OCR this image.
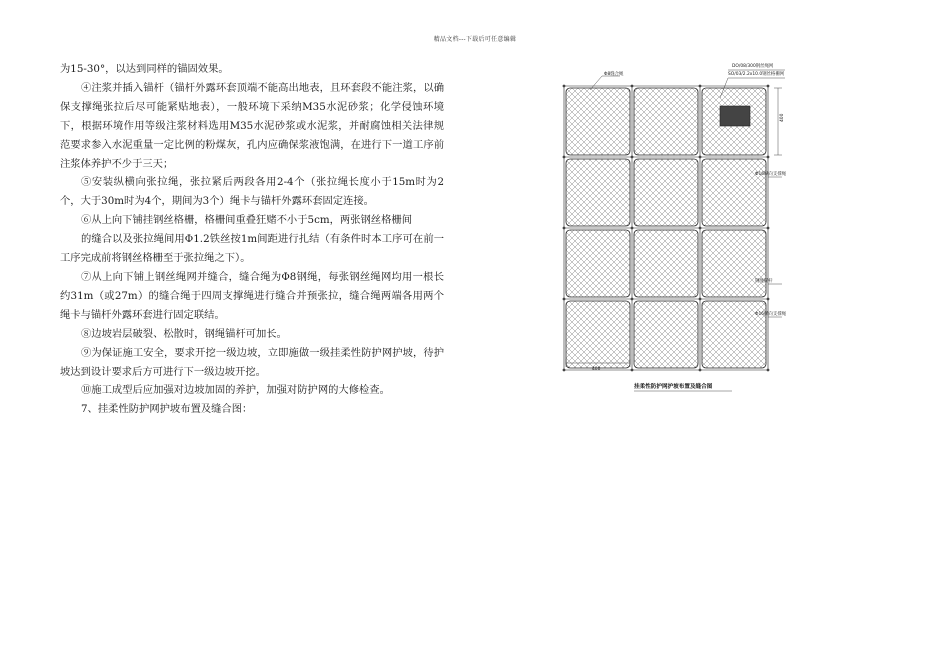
精品文档---下载后可任意编辑

为15-30°，以达到同样的锚固效果。

④注浆并插入锚杆（锚杆外露环套顶端不能高出地表，且环套段不能注浆，以确保支撑绳张拉后尽可能紧贴地表），一般环境下采纳M35水泥砂浆；化学侵蚀环境下，根据环境作用等级注浆材料选用M35水泥砂浆或水泥浆，并耐腐蚀相关法律规范要求参入水泥重量一定比例的粉煤灰，孔内应确保浆液饱满，在进行下一道工序前注浆体养护不少于三天；

⑤安装纵横向张拉绳，张拉紧后两段各用2-4个（张拉绳长度小于15m时为2个，大于30m时为4个，期间为3个）绳卡与锚杆外露环套固定连接。

⑥从上向下铺挂钢丝格栅，格栅间重叠狂赌不小于5cm，两张钢丝格栅间

的缝合以及张拉绳间用Φ1.2铁丝按1m间距进行扎结（有条件时本工序可在前一工序完成前将钢丝格栅至于张拉绳之下）。

⑦从上向下铺上钢丝绳网并缝合，缝合绳为Φ8钢绳，每张钢丝绳网均用一根长约31m（或27m）的缝合绳于四周支撑绳进行缝合并预张拉，缝合绳两端各用两个绳卡与锚杆外露环套进行固定联结。

⑧边坡岩层破裂、松散时，钢绳锚杆可加长。

⑨为保证施工安全，要求开挖一级边坡，立即施做一级挂柔性防护网护坡，待护坡达到设计要求后方可进行下一级边坡开挖。

⑩施工成型后应加强对边坡加固的养护，加强对防护网的大修检查。

7、挂柔性防护网护坡布置及缝合图：

Φ8缝合绳
DO/08/300钢丝绳网
SO/03/2.2x10.0钢丝格栅网
400
Φ16纵向支撑绳
钢绳锚杆
Φ16横向支撑绳
400
挂柔性防护网护坡布置及缝合图
